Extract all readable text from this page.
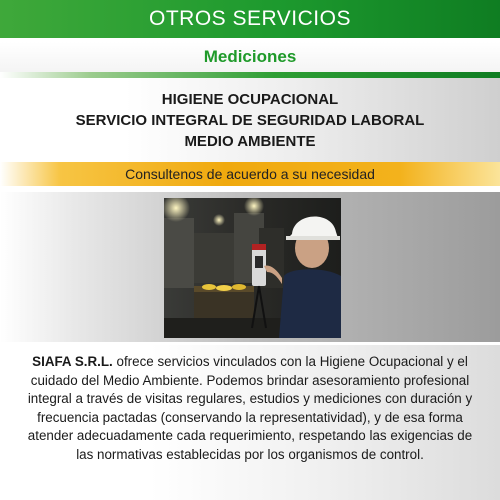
OTROS SERVICIOS
Mediciones
HIGIENE OCUPACIONAL
SERVICIO INTEGRAL DE SEGURIDAD LABORAL
MEDIO AMBIENTE
Consultenos de acuerdo a su necesidad

SIAFA S.R.L. ofrece servicios vinculados con la Higiene Ocupacional y el cuidado del Medio Ambiente. Podemos brindar asesoramiento profesional integral a través de visitas regulares, estudios y mediciones con duración y frecuencia pactadas (conservando la representatividad), y de esa forma atender adecuadamente cada requerimiento, respetando las exigencias de las normativas establecidas por los organismos de control.
